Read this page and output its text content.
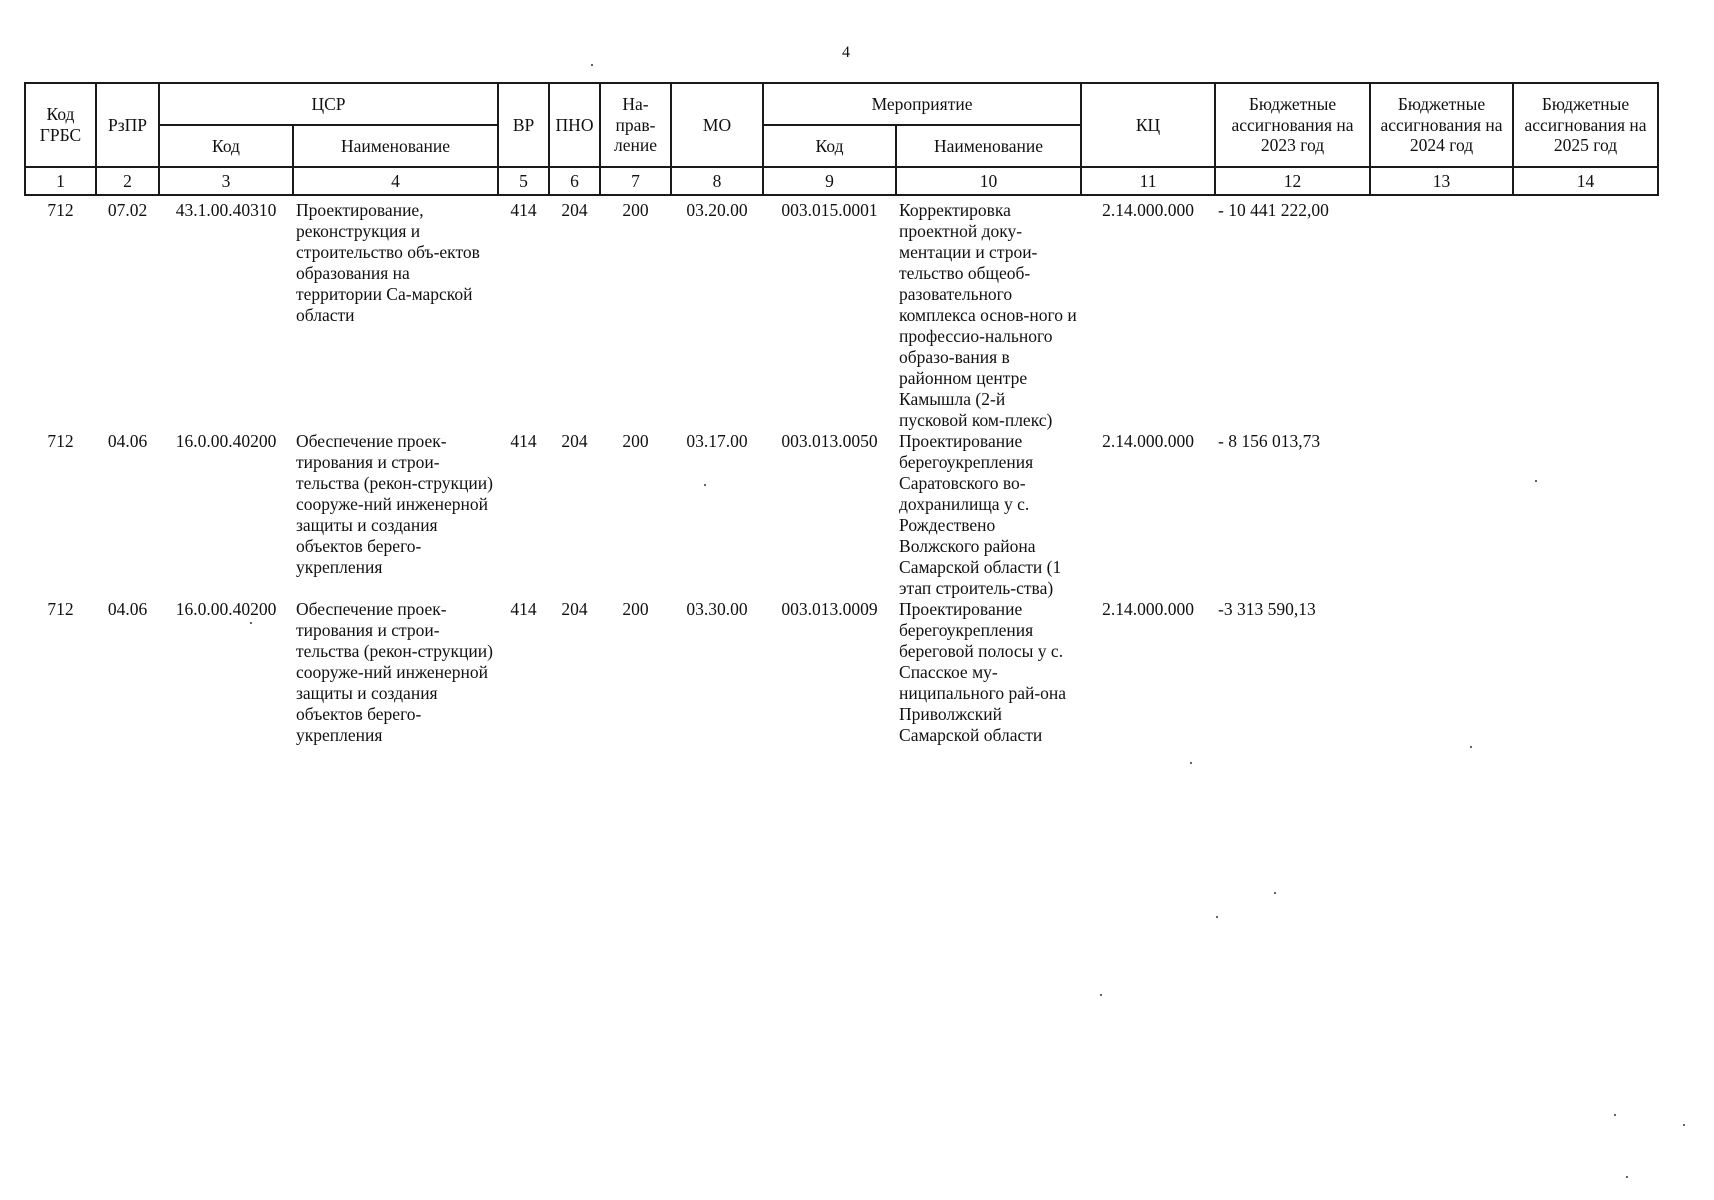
4
Код ГРБС	РзПР	ЦСР		ВР	ПНО	На-прав-ление	МО	Мероприятие		КЦ	Бюджетные ассигнования на 2023 год	Бюджетные ассигнования на 2024 год	Бюджетные ассигнования на 2025 год
		Код	Наименование					Код	Наименование				
1	2	3	4	5	6	7	8	9	10	11	12	13	14
712	07.02	43.1.00.40310	Проектирование, реконструкция и строительство объ-ектов образования на территории Са-марской области	414	204	200	03.20.00	003.015.0001	Корректировка проектной доку-ментации и строи-тельство общеоб-разовательного комплекса основ-ного и профессио-нального образо-вания в районном центре Камышла (2-й пусковой ком-плекс)	2.14.000.000	- 10 441 222,00		
712	04.06	16.0.00.40200	Обеспечение проек-тирования и строи-тельства (рекон-струкции) сооруже-ний инженерной защиты и создания объектов берего-укрепления	414	204	200	03.17.00	003.013.0050	Проектирование берегоукрепления Саратовского во-дохранилища у с. Рождествено Волжского района Самарской области (1 этап строитель-ства)	2.14.000.000	- 8 156 013,73		
712	04.06	16.0.00.40200	Обеспечение проек-тирования и строи-тельства (рекон-струкции) сооруже-ний инженерной защиты и создания объектов берего-укрепления	414	204	200	03.30.00	003.013.0009	Проектирование берегоукрепления береговой полосы у с. Спасское му-ниципального рай-она Приволжский Самарской области	2.14.000.000	-3 313 590,13		
